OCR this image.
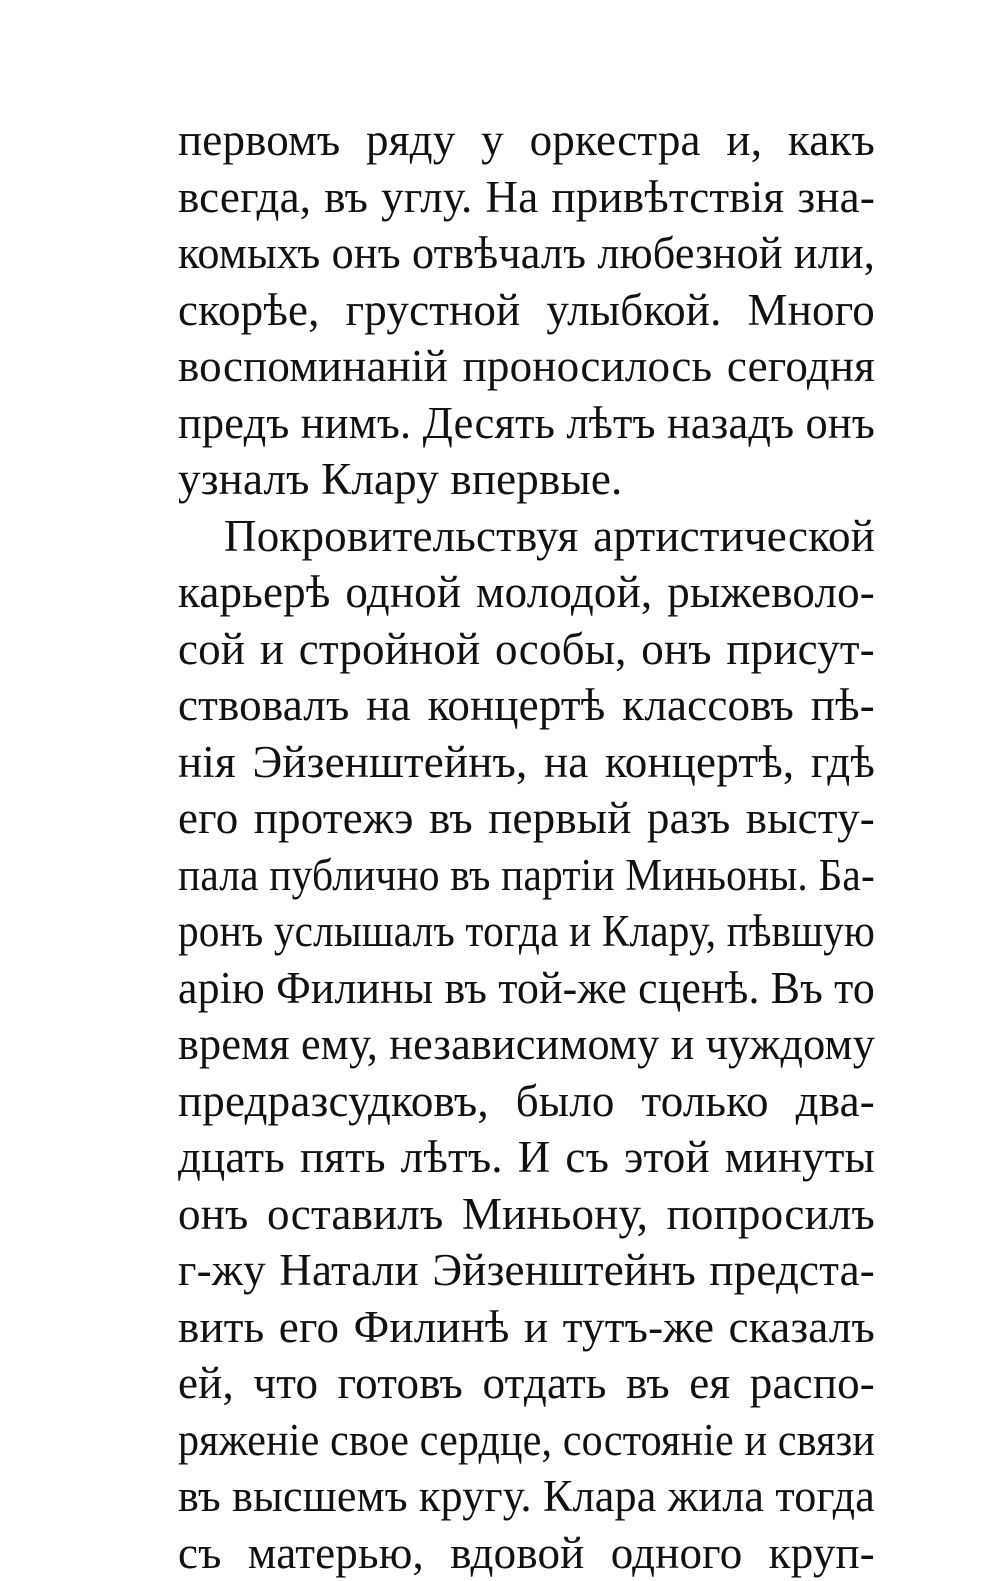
первомъ ряду у оркестра и, какъ
всегда, въ углу. На привѣтствія зна-
комыхъ онъ отвѣчалъ любезной или,
скорѣе, грустной улыбкой. Много
воспоминаній проносилось сегодня
предъ нимъ. Десять лѣтъ назадъ онъ
узналъ Клару впервые.
Покровительствуя артистической
карьерѣ одной молодой, рыжеволо-
сой и стройной особы, онъ присут-
ствовалъ на концертѣ классовъ пѣ-
нія Эйзенштейнъ, на концертѣ, гдѣ
его протежэ въ первый разъ высту-
пала публично въ партіи Миньоны. Ба-
ронъ услышалъ тогда и Клару, пѣвшую
арію Филины въ той-же сценѣ. Въ то
время ему, независимому и чуждому
предразсудковъ, было только два-
дцать пять лѣтъ. И съ этой минуты
онъ оставилъ Миньону, попросилъ
г-жу Натали Эйзенштейнъ предста-
вить его Филинѣ и тутъ-же сказалъ
ей, что готовъ отдать въ ея распо-
ряженіе свое сердце, состояніе и связи
въ высшемъ кругу. Клара жила тогда
съ матерью, вдовой одного круп-
